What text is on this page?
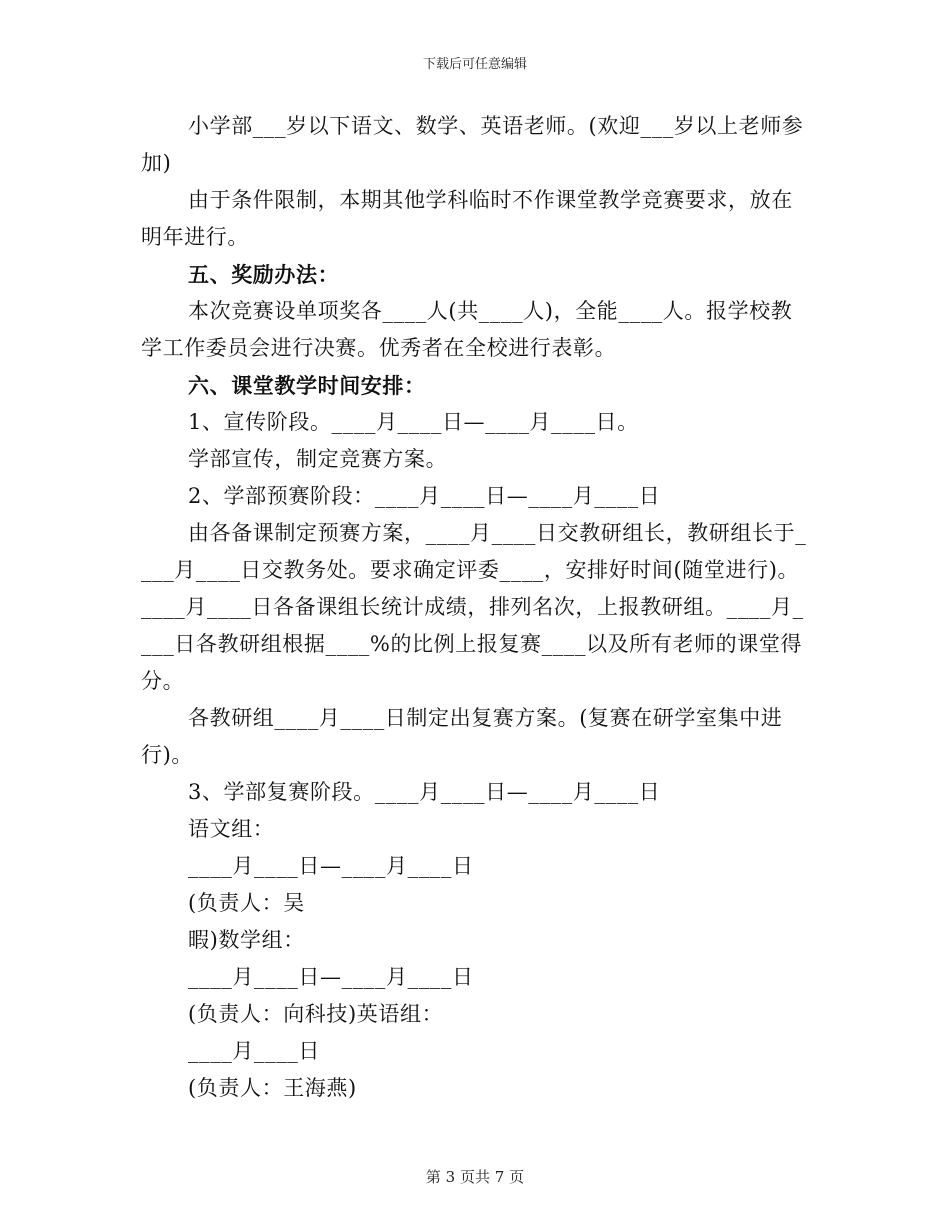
下载后可任意编辑
小学部___岁以下语文、数学、英语老师。(欢迎___岁以上老师参
加)
由于条件限制，本期其他学科临时不作课堂教学竞赛要求，放在
明年进行。
五、奖励办法：
本次竞赛设单项奖各____人(共____人)，全能____人。报学校教
学工作委员会进行决赛。优秀者在全校进行表彰。
六、课堂教学时间安排：
1、宣传阶段。____月____日—____月____日。
学部宣传，制定竞赛方案。
2、学部预赛阶段：____月____日—____月____日
由各备课制定预赛方案，____月____日交教研组长，教研组长于_
___月____日交教务处。要求确定评委____，安排好时间(随堂进行)。
____月____日各备课组长统计成绩，排列名次，上报教研组。____月_
___日各教研组根据____%的比例上报复赛____以及所有老师的课堂得
分。
各教研组____月____日制定出复赛方案。(复赛在研学室集中进
行)。
3、学部复赛阶段。____月____日—____月____日
语文组：
____月____日—____月____日
(负责人：吴
暇)数学组：
____月____日—____月____日
(负责人：向科技)英语组：
____月____日
(负责人：王海燕)
第 3 页共 7 页
